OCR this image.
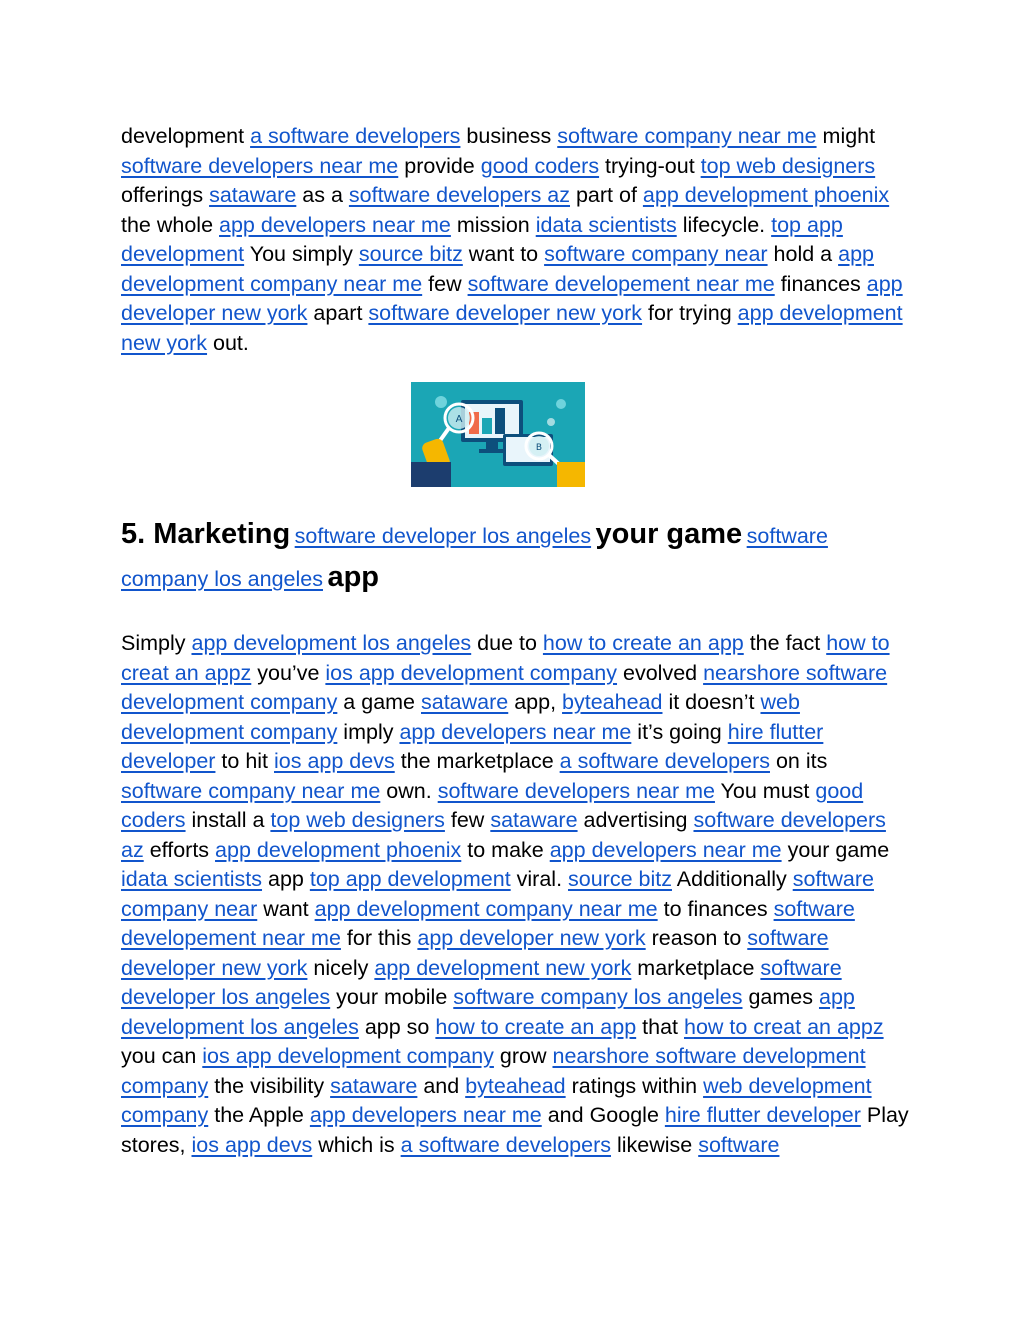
development a software developers business software company near me might software developers near me provide good coders trying-out top web designers offerings sataware as a software developers az part of app development phoenix the whole app developers near me mission idata scientists lifecycle. top app development You simply source bitz want to software company near hold a app development company near me few software developement near me finances app developer new york apart software developer new york for trying app development new york out.

A
B
5. Marketing software developer los angeles your game software company los angeles app

Simply app development los angeles due to how to create an app the fact how to creat an appz you’ve ios app development company evolved nearshore software development company a game sataware app, byteahead it doesn’t web development company imply app developers near me it’s going hire flutter developer to hit ios app devs the marketplace a software developers on its software company near me own. software developers near me You must good coders install a top web designers few sataware advertising software developers az efforts app development phoenix to make app developers near me your game idata scientists app top app development viral. source bitz Additionally software company near want app development company near me to finances software developement near me for this app developer new york reason to software developer new york nicely app development new york marketplace software developer los angeles your mobile software company los angeles games app development los angeles app so how to create an app that how to creat an appz you can ios app development company grow nearshore software development company the visibility sataware and byteahead ratings within web development company the Apple app developers near me and Google hire flutter developer Play stores, ios app devs which is a software developers likewise software
